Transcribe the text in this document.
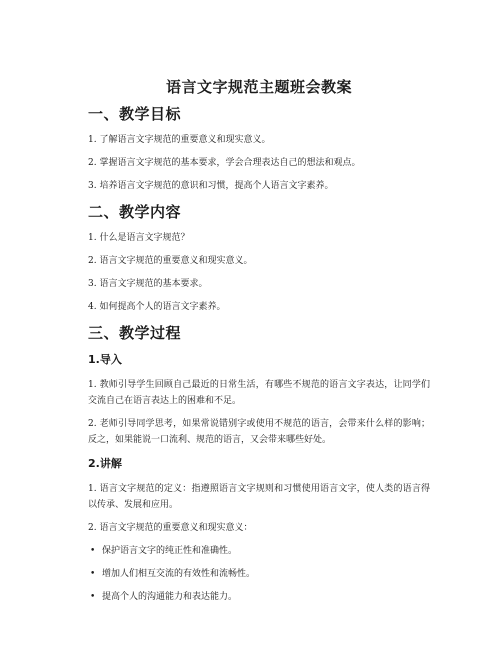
语言文字规范主题班会教案
一、教学目标
1. 了解语言文字规范的重要意义和现实意义。
2. 掌握语言文字规范的基本要求，学会合理表达自己的想法和观点。
3. 培养语言文字规范的意识和习惯，提高个人语言文字素养。
二、教学内容
1. 什么是语言文字规范？
2. 语言文字规范的重要意义和现实意义。
3. 语言文字规范的基本要求。
4. 如何提高个人的语言文字素养。
三、教学过程
1.导入
1. 教师引导学生回顾自己最近的日常生活，有哪些不规范的语言文字表达，让同学们交流自己在语言表达上的困难和不足。
2. 老师引导同学思考，如果常说错别字或使用不规范的语言，会带来什么样的影响；反之，如果能说一口流利、规范的语言，又会带来哪些好处。
2.讲解
1. 语言文字规范的定义：指遵照语言文字规则和习惯使用语言文字，使人类的语言得以传承、发展和应用。
2. 语言文字规范的重要意义和现实意义：
• 保护语言文字的纯正性和准确性。
• 增加人们相互交流的有效性和流畅性。
• 提高个人的沟通能力和表达能力。
